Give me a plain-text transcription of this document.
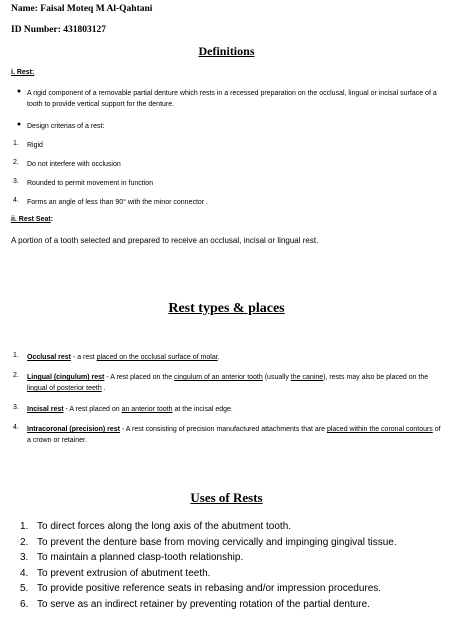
Name: Faisal Moteq M Al-Qahtani
ID Number: 431803127
Definitions
i. Rest:
● A rigid component of a removable partial denture which rests in a recessed preparation on the occlusal, lingual or incisal surface of a tooth to provide vertical support for the denture.
● Design criterias of a rest:
1.	Rigid
2.	Do not interfere with occlusion
3.	Rounded to permit movement in function
4.	Forms an angle of less than 90° with the minor connector .
ii. Rest Seat:
A portion of a tooth selected and prepared to receive an occlusal, incisal or lingual rest.
Rest types & places
1.	Occlusal rest - a rest placed on the occlusal surface of molar.
2.	Lingual (cingulum) rest - A rest placed on the cingulum of an anterior tooth (usually the canine), rests may also be placed on the lingual of posterior teeth .
3.	Incisal rest - A rest placed on an anterior tooth at the incisal edge.
4.	Intracoronal (precision) rest - A rest consisting of precision manufactured attachments that are placed within the coronal contours of a crown or retainer.
Uses of Rests
1. To direct forces along the long axis of the abutment tooth.
2. To prevent the denture base from moving cervically and impinging gingival tissue.
3. To maintain a planned clasp-tooth relationship.
4. To prevent extrusion of abutment teeth.
5. To provide positive reference seats in rebasing and/or impression procedures.
6. To serve as an indirect retainer by preventing rotation of the partial denture.
